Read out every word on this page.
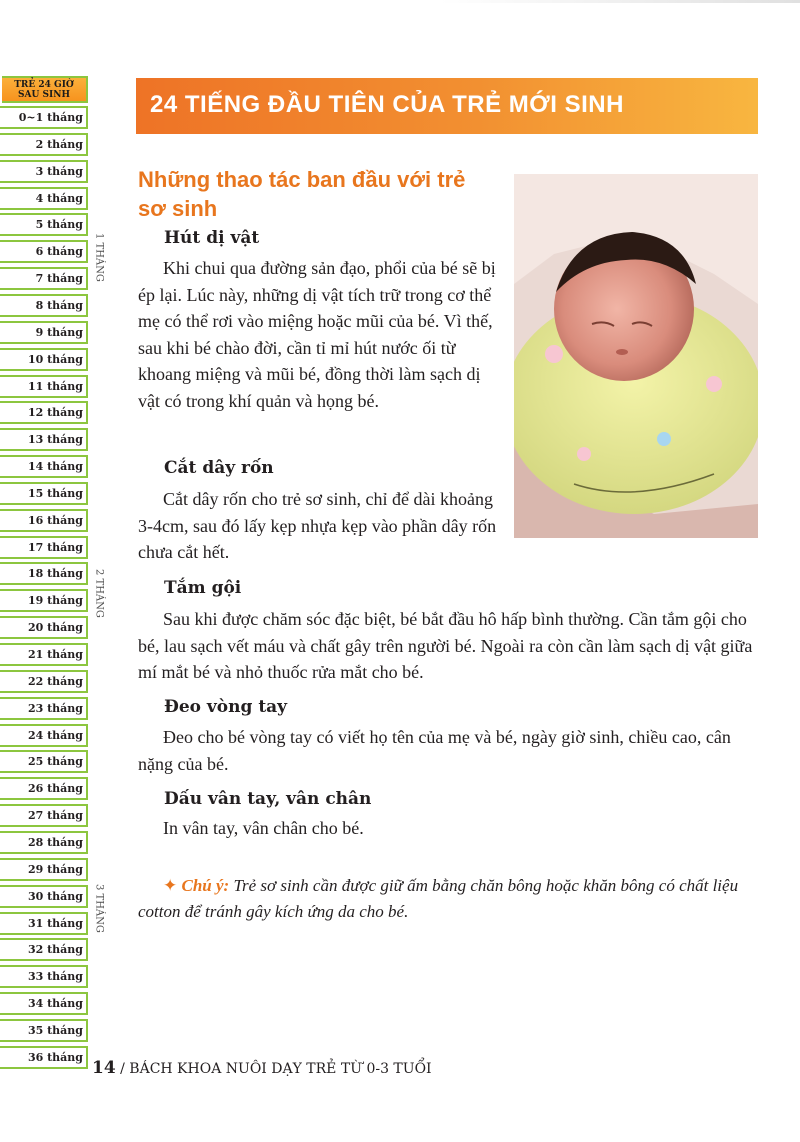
TRẺ 24 GIỜ
SAU SINH
0~1 tháng
2 tháng
3 tháng
4 tháng
5 tháng
6 tháng
7 tháng
8 tháng
9 tháng
10 tháng
11 tháng
12 tháng
13 tháng
14 tháng
15 tháng
16 tháng
17 tháng
18 tháng
19 tháng
20 tháng
21 tháng
22 tháng
23 tháng
24 tháng
25 tháng
26 tháng
27 tháng
28 tháng
29 tháng
30 tháng
31 tháng
32 tháng
33 tháng
34 tháng
35 tháng
36 tháng
1 THÁNG
2 THÁNG
3 THÁNG
24 TIẾNG ĐẦU TIÊN CỦA TRẺ MỚI SINH
Những thao tác ban đầu với trẻ sơ sinh
Hút dị vật
Khi chui qua đường sản đạo, phổi của bé sẽ bị ép lại. Lúc này, những dị vật tích trữ trong cơ thể mẹ có thể rơi vào miệng hoặc mũi của bé. Vì thế, sau khi bé chào đời, cần tỉ mỉ hút nước ối từ khoang miệng và mũi bé, đồng thời làm sạch dị vật có trong khí quản và họng bé.
Cắt dây rốn
Cắt dây rốn cho trẻ sơ sinh, chỉ để dài khoảng 3-4cm, sau đó lấy kẹp nhựa kẹp vào phần dây rốn chưa cắt hết.
Tắm gội
Sau khi được chăm sóc đặc biệt, bé bắt đầu hô hấp bình thường. Cần tắm gội cho bé, lau sạch vết máu và chất gây trên người bé. Ngoài ra còn cần làm sạch dị vật giữa mí mắt bé và nhỏ thuốc rửa mắt cho bé.
Đeo vòng tay
Đeo cho bé vòng tay có viết họ tên của mẹ và bé, ngày giờ sinh, chiều cao, cân nặng của bé.
Dấu vân tay, vân chân
In vân tay, vân chân cho bé.
✦ Chú ý: Trẻ sơ sinh cần được giữ ấm bằng chăn bông hoặc khăn bông có chất liệu cotton để tránh gây kích ứng da cho bé.
14 / BÁCH KHOA NUÔI DẠY TRẺ TỪ 0-3 TUỔI
